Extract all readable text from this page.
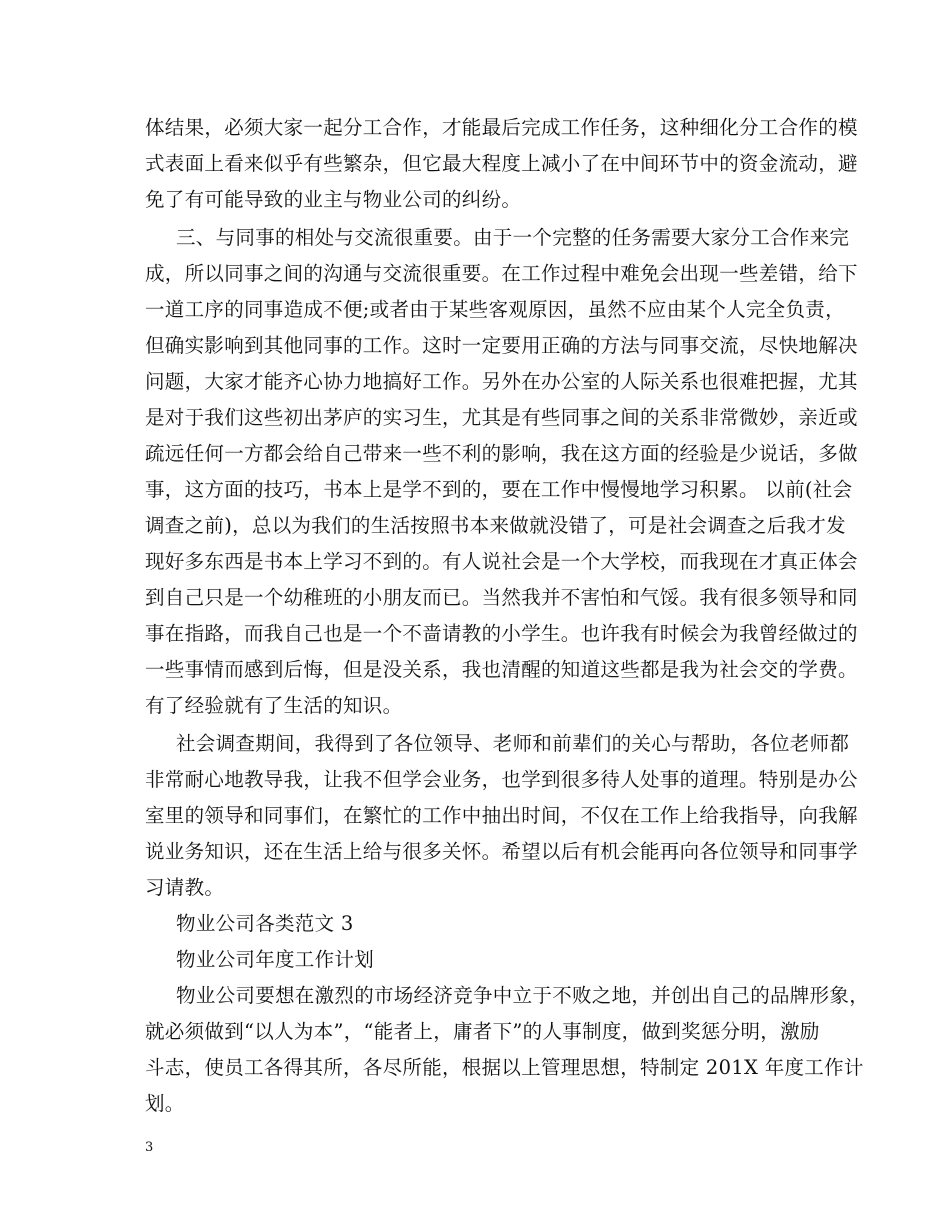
体结果，必须大家一起分工合作，才能最后完成工作任务，这种细化分工合作的模
式表面上看来似乎有些繁杂，但它最大程度上减小了在中间环节中的资金流动，避
免了有可能导致的业主与物业公司的纠纷。
三、与同事的相处与交流很重要。由于一个完整的任务需要大家分工合作来完
成，所以同事之间的沟通与交流很重要。在工作过程中难免会出现一些差错，给下
一道工序的同事造成不便;或者由于某些客观原因，虽然不应由某个人完全负责，
但确实影响到其他同事的工作。这时一定要用正确的方法与同事交流，尽快地解决
问题，大家才能齐心协力地搞好工作。另外在办公室的人际关系也很难把握，尤其
是对于我们这些初出茅庐的实习生，尤其是有些同事之间的关系非常微妙，亲近或
疏远任何一方都会给自己带来一些不利的影响，我在这方面的经验是少说话，多做
事，这方面的技巧，书本上是学不到的，要在工作中慢慢地学习积累。 以前(社会
调查之前)，总以为我们的生活按照书本来做就没错了，可是社会调查之后我才发
现好多东西是书本上学习不到的。有人说社会是一个大学校，而我现在才真正体会
到自己只是一个幼稚班的小朋友而已。当然我并不害怕和气馁。我有很多领导和同
事在指路，而我自己也是一个不啬请教的小学生。也许我有时候会为我曾经做过的
一些事情而感到后悔，但是没关系，我也清醒的知道这些都是我为社会交的学费。
有了经验就有了生活的知识。
社会调查期间，我得到了各位领导、老师和前辈们的关心与帮助，各位老师都
非常耐心地教导我，让我不但学会业务，也学到很多待人处事的道理。特别是办公
室里的领导和同事们，在繁忙的工作中抽出时间，不仅在工作上给我指导，向我解
说业务知识，还在生活上给与很多关怀。希望以后有机会能再向各位领导和同事学
习请教。
物业公司各类范文 3
物业公司年度工作计划
物业公司要想在激烈的市场经济竞争中立于不败之地，并创出自己的品牌形象，
就必须做到“以人为本”，“能者上，庸者下”的人事制度，做到奖惩分明，激励
斗志，使员工各得其所，各尽所能，根据以上管理思想，特制定 201X 年度工作计
划。
3
